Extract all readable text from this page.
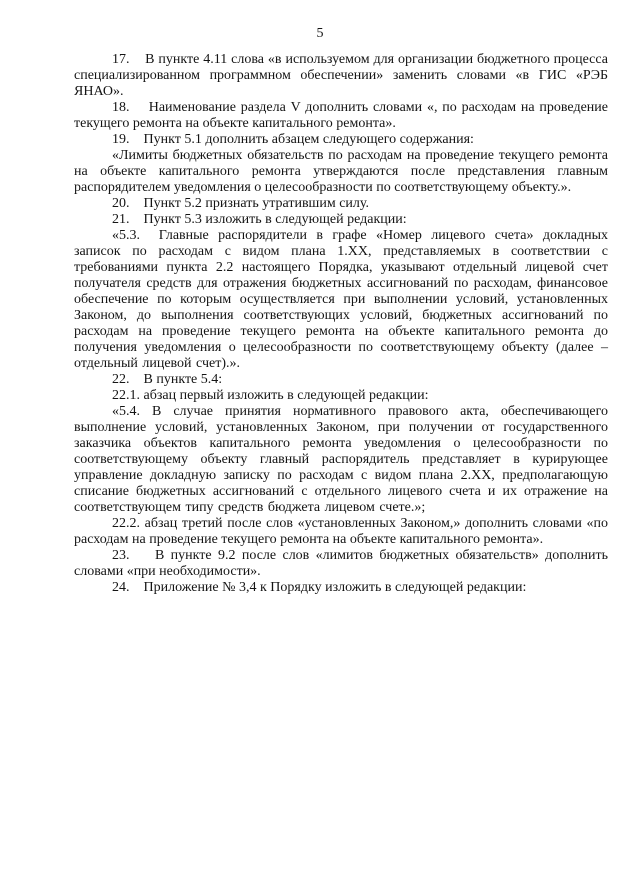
5

17.    В пункте 4.11 слова «в используемом для организации бюджетного процесса специализированном программном обеспечении» заменить словами «в ГИС «РЭБ ЯНАО».

18.    Наименование раздела V дополнить словами «, по расходам на проведение текущего ремонта на объекте капитального ремонта».

19.    Пункт 5.1 дополнить абзацем следующего содержания:

«Лимиты бюджетных обязательств по расходам на проведение текущего ремонта на объекте капитального ремонта утверждаются после представления главным распорядителем уведомления о целесообразности по соответствующему объекту.».

20.    Пункт 5.2 признать утратившим силу.

21.    Пункт 5.3 изложить в следующей редакции:

«5.3.  Главные распорядители в графе «Номер лицевого счета» докладных записок по расходам с видом плана 1.ХХ, представляемых в соответствии с требованиями пункта 2.2 настоящего Порядка, указывают отдельный лицевой счет получателя средств для отражения бюджетных ассигнований по расходам, финансовое обеспечение по которым осуществляется при выполнении условий, установленных Законом, до выполнения соответствующих условий, бюджетных ассигнований по расходам на проведение текущего ремонта на объекте капитального ремонта до получения уведомления о целесообразности по соответствующему объекту (далее – отдельный лицевой счет).».

22.    В пункте 5.4:

22.1. абзац первый изложить в следующей редакции:

«5.4. В случае принятия нормативного правового акта, обеспечивающего выполнение условий, установленных Законом, при получении от государственного заказчика объектов капитального ремонта уведомления о целесообразности по соответствующему объекту главный распорядитель представляет в курирующее управление докладную записку по расходам с видом плана 2.ХХ, предполагающую списание бюджетных ассигнований с отдельного лицевого счета и их отражение на соответствующем типу средств бюджета лицевом счете.»;

22.2. абзац третий после слов «установленных Законом,» дополнить словами «по расходам на проведение текущего ремонта на объекте капитального ремонта».

23.    В пункте 9.2 после слов «лимитов бюджетных обязательств» дополнить словами «при необходимости».

24.    Приложение № 3,4 к Порядку изложить в следующей редакции:
